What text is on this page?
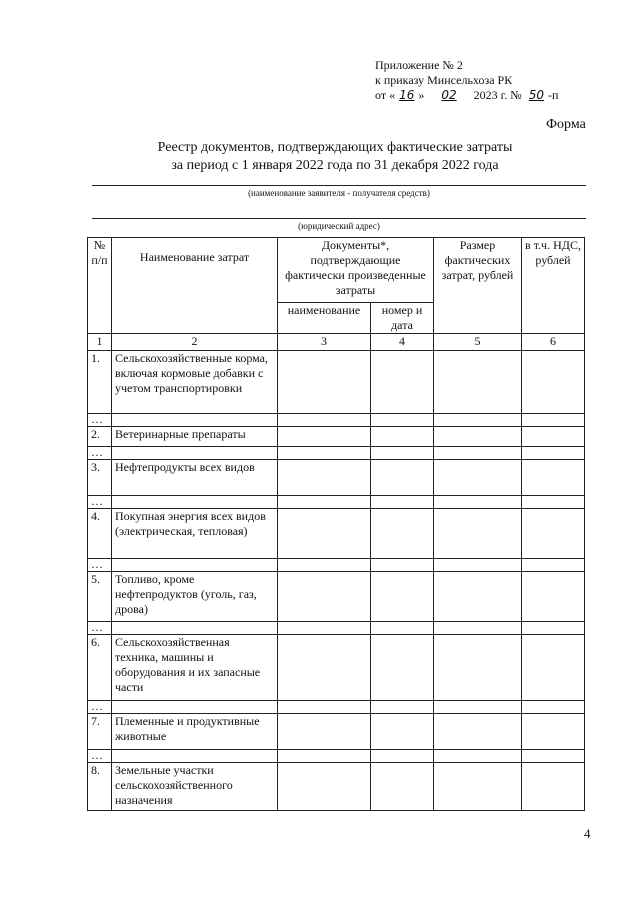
Приложение № 2
к приказу Минсельхоза РК
от « 16 » 02 2023 г. № 50 -п
Форма
Реестр документов, подтверждающих фактические затраты
за период с 1 января 2022 года по 31 декабря 2022 года
(наименование заявителя - получателя средств)
(юридический адрес)
№ п/п	Наименование затрат	Документы*, подтверждающие фактически произведенные затраты		Размер фактических затрат, рублей	в т.ч. НДС, рублей
		наименование	номер и дата		
1	2	3	4	5	6
1.	Сельскохозяйственные корма, включая кормовые добавки с учетом транспортировки				
…					
2.	Ветеринарные препараты				
…					
3.	Нефтепродукты всех видов				
…					
4.	Покупная энергия всех видов (электрическая, тепловая)				
…					
5.	Топливо, кроме нефтепродуктов (уголь, газ, дрова)				
…					
6.	Сельскохозяйственная техника, машины и оборудования и их запасные части				
…					
7.	Племенные и продуктивные животные				
…					
8.	Земельные участки сельскохозяйственного назначения				
4
